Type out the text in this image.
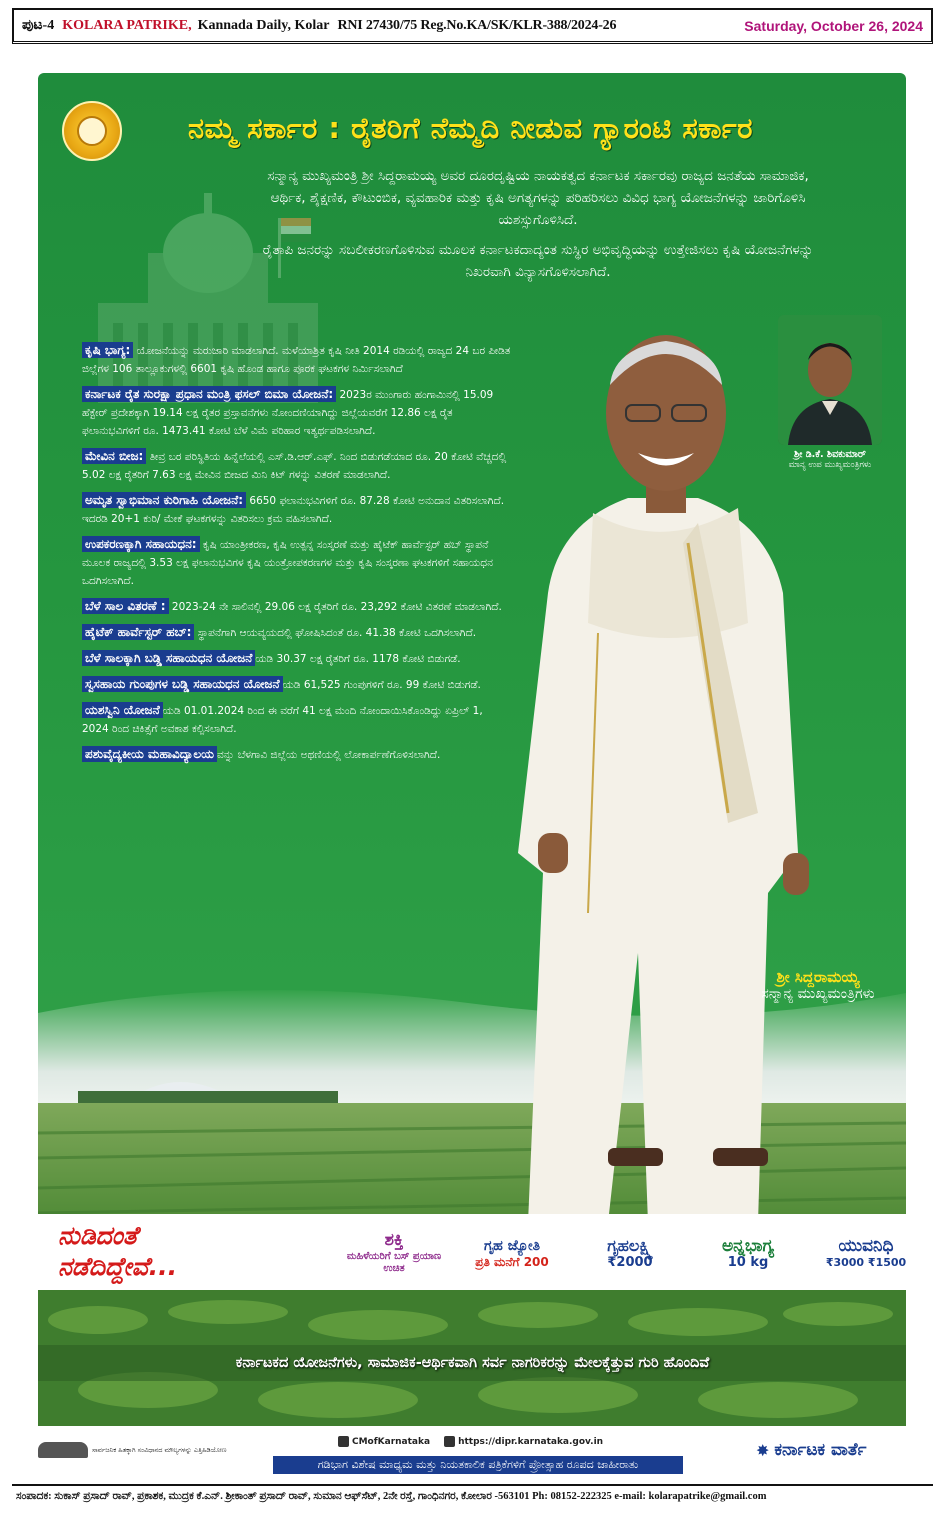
ಪುಟ-4 KOLARA PATRIKE, Kannada Daily, Kolar RNI 27430/75 Reg.No.KA/SK/KLR-388/2024-26	Saturday, October 26, 2024
ನಮ್ಮ ಸರ್ಕಾರ : ರೈತರಿಗೆ ನೆಮ್ಮದಿ ನೀಡುವ ಗ್ಯಾರಂಟಿ ಸರ್ಕಾರ

ಸನ್ಮಾನ್ಯ ಮುಖ್ಯಮಂತ್ರಿ ಶ್ರೀ ಸಿದ್ದರಾಮಯ್ಯ ಅವರ ದೂರದೃಷ್ಟಿಯ ನಾಯಕತ್ವದ ಕರ್ನಾಟಕ ಸರ್ಕಾರವು ರಾಜ್ಯದ ಜನತೆಯ ಸಾಮಾಜಿಕ, ಆರ್ಥಿಕ, ಶೈಕ್ಷಣಿಕ, ಕೌಟುಂಬಿಕ, ವ್ಯವಹಾರಿಕ ಮತ್ತು ಕೃಷಿ ಅಗತ್ಯಗಳನ್ನು ಪರಿಹರಿಸಲು ವಿವಿಧ ಭಾಗ್ಯ ಯೋಜನೆಗಳನ್ನು ಜಾರಿಗೊಳಿಸಿ ಯಶಸ್ಸುಗೊಳಿಸಿದೆ.

ರೈತಾಪಿ ಜನರನ್ನು ಸಬಲೀಕರಣಗೊಳಿಸುವ ಮೂಲಕ ಕರ್ನಾಟಕದಾದ್ಯಂತ ಸುಸ್ಥಿರ ಅಭಿವೃದ್ಧಿಯನ್ನು ಉತ್ತೇಜಿಸಲು ಕೃಷಿ ಯೋಜನೆಗಳನ್ನು ನಿಖರವಾಗಿ ವಿನ್ಯಾಸಗೊಳಿಸಲಾಗಿದೆ.

ಕೃಷಿ ಭಾಗ್ಯ: ಯೋಜನೆಯನ್ನು ಮರುಜಾರಿ ಮಾಡಲಾಗಿದೆ. ಮಳೆಯಾಶ್ರಿತ ಕೃಷಿ ನೀತಿ 2014 ರಡಿಯಲ್ಲಿ ರಾಜ್ಯದ 24 ಬರ ಪೀಡಿತ ಜಿಲ್ಲೆಗಳ 106 ತಾಲ್ಲೂಕುಗಳಲ್ಲಿ 6601 ಕೃಷಿ ಹೊಂಡ ಹಾಗೂ ಪೂರಕ ಘಟಕಗಳ ನಿರ್ಮಿಸಲಾಗಿದೆ
ಕರ್ನಾಟಕ ರೈತ ಸುರಕ್ಷಾ ಪ್ರಧಾನ ಮಂತ್ರಿ ಫಸಲ್ ಬಿಮಾ ಯೋಜನೆ: 2023ರ ಮುಂಗಾರು ಹಂಗಾಮಿನಲ್ಲಿ 15.09 ಹೆಕ್ಟೇರ್ ಪ್ರದೇಶಕ್ಕಾಗಿ 19.14 ಲಕ್ಷ ರೈತರ ಪ್ರಸ್ತಾವನೆಗಳು ನೋಂದಣಿಯಾಗಿದ್ದು ಜಿಲ್ಲೆಯವರೆಗೆ 12.86 ಲಕ್ಷ ರೈತ ಫಲಾನುಭವಿಗಳಿಗೆ ರೂ. 1473.41 ಕೋಟಿ ಬೆಳೆ ವಿಮೆ ಪರಿಹಾರ ಇತ್ಯರ್ಥಪಡಿಸಲಾಗಿದೆ.
ಮೇವಿನ ಬೀಜ: ತೀವ್ರ ಬರ ಪರಿಸ್ಥಿತಿಯ ಹಿನ್ನೆಲೆಯಲ್ಲಿ ಎಸ್.ಡಿ.ಆರ್.ಎಫ್. ನಿಂದ ಬಿಡುಗಡೆಯಾದ ರೂ. 20 ಕೋಟಿ ವೆಚ್ಚದಲ್ಲಿ 5.02 ಲಕ್ಷ ರೈತರಿಗೆ 7.63 ಲಕ್ಷ ಮೇವಿನ ಬೀಜದ ಮಿನಿ ಕಿಟ್ ಗಳನ್ನು ವಿತರಣೆ ಮಾಡಲಾಗಿದೆ.
ಅಮೃತ ಸ್ವಾಭಿಮಾನ ಕುರಿಗಾಹಿ ಯೋಜನೆ: 6650 ಫಲಾನುಭವಿಗಳಿಗೆ ರೂ. 87.28 ಕೋಟಿ ಅನುದಾನ ವಿತರಿಸಲಾಗಿದೆ. ಇದರಡಿ 20+1 ಕುರಿ/ ಮೇಕೆ ಘಟಕಗಳನ್ನು ವಿತರಿಸಲು ಕ್ರಮ ವಹಿಸಲಾಗಿದೆ.
ಉಪಕರಣಕ್ಕಾಗಿ ಸಹಾಯಧನ: ಕೃಷಿ ಯಾಂತ್ರೀಕರಣ, ಕೃಷಿ ಉತ್ಪನ್ನ ಸಂಸ್ಕರಣೆ ಮತ್ತು ಹೈಟೆಕ್ ಹಾರ್ವೆಸ್ಟರ್ ಹಬ್ ಸ್ಥಾಪನೆ ಮೂಲಕ ರಾಜ್ಯದಲ್ಲಿ 3.53 ಲಕ್ಷ ಫಲಾನುಭವಿಗಳ ಕೃಷಿ ಯಂತ್ರೋಪಕರಣಗಳ ಮತ್ತು ಕೃಷಿ ಸಂಸ್ಕರಣಾ ಘಟಕಗಳಿಗೆ ಸಹಾಯಧನ ಒದಗಿಸಲಾಗಿದೆ.
ಬೆಳೆ ಸಾಲ ವಿತರಣೆ : 2023-24 ನೇ ಸಾಲಿನಲ್ಲಿ 29.06 ಲಕ್ಷ ರೈತರಿಗೆ ರೂ. 23,292 ಕೋಟಿ ವಿತರಣೆ ಮಾಡಲಾಗಿದೆ.
ಹೈಟೆಕ್ ಹಾರ್ವೆಸ್ಟರ್ ಹಬ್: ಸ್ಥಾಪನೆಗಾಗಿ ಆಯವ್ಯಯದಲ್ಲಿ ಘೋಷಿಸಿದಂತೆ ರೂ. 41.38 ಕೋಟಿ ಒದಗಿಸಲಾಗಿದೆ.
ಬೆಳೆ ಸಾಲಕ್ಕಾಗಿ ಬಡ್ಡಿ ಸಹಾಯಧನ ಯೋಜನೆ ಯಡಿ 30.37 ಲಕ್ಷ ರೈತರಿಗೆ ರೂ. 1178 ಕೋಟಿ ಬಿಡುಗಡೆ.
ಸ್ವಸಹಾಯ ಗುಂಪುಗಳ ಬಡ್ಡಿ ಸಹಾಯಧನ ಯೋಜನೆ ಯಡಿ 61,525 ಗುಂಪುಗಳಿಗೆ ರೂ. 99 ಕೋಟಿ ಬಿಡುಗಡೆ.
ಯಶಸ್ವಿನಿ ಯೋಜನೆ ಯಡಿ 01.01.2024 ರಿಂದ ಈ ವರೆಗೆ 41 ಲಕ್ಷ ಮಂದಿ ನೋಂದಾಯಿಸಿಕೊಂಡಿದ್ದು ಏಪ್ರಿಲ್ 1, 2024 ರಿಂದ ಚಿಕಿತ್ಸೆಗೆ ಅವಕಾಶ ಕಲ್ಪಿಸಲಾಗಿದೆ.
ಪಶುವೈದ್ಯಕೀಯ ಮಹಾವಿದ್ಯಾಲಯ ವನ್ನು ಬೆಳಗಾವಿ ಜಿಲ್ಲೆಯ ಅಥಣಿಯಲ್ಲಿ ಲೋಕಾರ್ಪಣೆಗೊಳಿಸಲಾಗಿದೆ.
ಶ್ರೀ ಡಿ.ಕೆ. ಶಿವಕುಮಾರ್
ಮಾನ್ಯ ಉಪ ಮುಖ್ಯಮಂತ್ರಿಗಳು
ಶ್ರೀ ಸಿದ್ದರಾಮಯ್ಯ
ಸನ್ಮಾನ್ಯ ಮುಖ್ಯಮಂತ್ರಿಗಳು
ನುಡಿದಂತೆ
ನಡೆದಿದ್ದೇವೆ...
ಶಕ್ತಿ
ಮಹಿಳೆಯರಿಗೆ ಬಸ್ ಪ್ರಯಾಣ ಉಚಿತ
ಗೃಹ ಜ್ಯೋತಿ
ಪ್ರತಿ ಮನೆಗೆ 200
ಗೃಹಲಕ್ಷ್ಮಿ
₹2000
ಅನ್ನಭಾಗ್ಯ
10 kg
ಯುವನಿಧಿ
₹3000 ₹1500
ಕರ್ನಾಟಕದ ಯೋಜನೆಗಳು, ಸಾಮಾಜಿಕ-ಆರ್ಥಿಕವಾಗಿ ಸರ್ವ ನಾಗರಿಕರನ್ನು ಮೇಲಕ್ಕೆತ್ತುವ ಗುರಿ ಹೊಂದಿವೆ
ಸಾರ್ವಜನಿಕ ಹಿತಕ್ಕಾಗಿ ಸಂವಿಧಾನದ ಮೌಲ್ಯಗಳನ್ನು ಎತ್ತಿಹಿಡಿಯೋಣ
CMofKarnataka	https://dipr.karnataka.gov.in
ಗಡಿಭಾಗ ವಿಶೇಷ ಮಾಧ್ಯಮ ಮತ್ತು ನಿಯತಕಾಲಿಕ ಪತ್ರಿಕೆಗಳಿಗೆ ಪ್ರೋತ್ಸಾಹ ರೂಪದ ಜಾಹೀರಾತು
✸ ಕರ್ನಾಟಕ ವಾರ್ತೆ
ಸಂಪಾದಕ: ಸುಕಾಸ್ ಪ್ರಸಾದ್ ರಾವ್, ಪ್ರಕಾಶಕ, ಮುದ್ರಕ ಕೆ.ಎನ್. ಶ್ರೀಕಾಂತ್ ಪ್ರಸಾದ್ ರಾವ್, ಸುಮಾನ ಆಫ್‌ಸೆಟ್, 2ನೇ ರಸ್ತೆ, ಗಾಂಧಿನಗರ, ಕೋಲಾರ -563101 Ph: 08152-222325 e-mail: kolarapatrike@gmail.com
